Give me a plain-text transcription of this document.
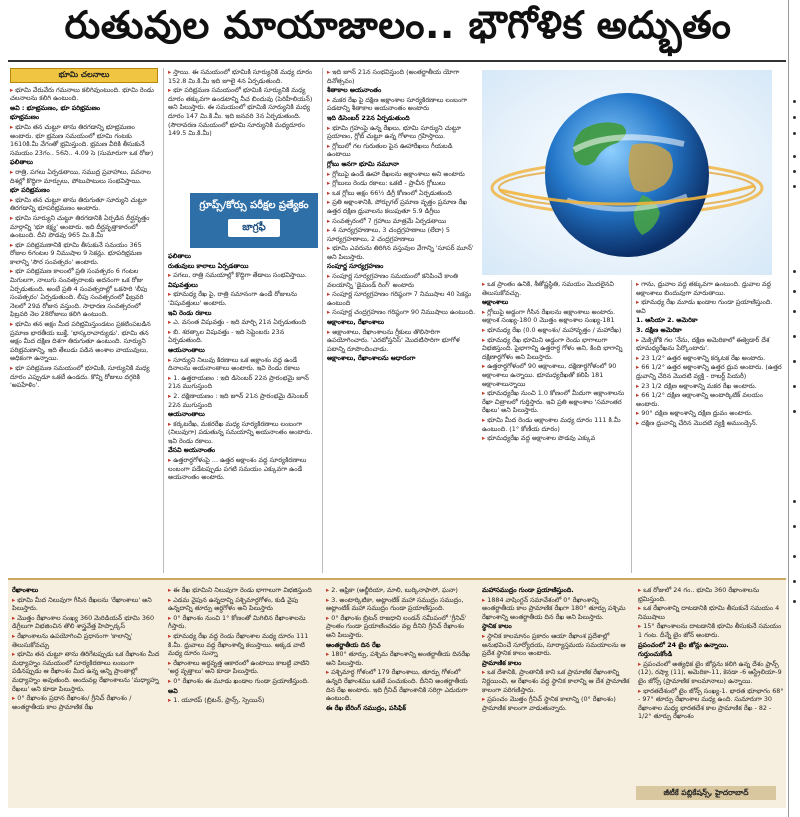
రుతువుల మాయాజాలం.. భౌగోళిక అద్భుతం
భూమి చలనాలు

▸ భూమి వేరువేరు గమనాలు కలిగివుంటుంది. భూమి రెండు చలనాలను కలిగి ఉంటుంది.

అవి : భూభ్రమణం, భూ పరిభ్రమణం

భూభ్రమణం

▸ భూమి తన చుట్టూ తాను తిరగడాన్ని భూభ్రమణం అంటారు. భూ భ్రమణ సమయంలో భూమి గంటకు 1610కి.మీ వేగంతో భ్రమిస్తుంది. భ్రమణ వీరికి తీసుకునే సమయం 23గం.. 56ని.. 4.09 సె (సుమారుగా ఒక రోజు)

ఫలితాలు

▸ రాత్రి, పగలు ఏర్పడతాయి, సముద్ర ప్రవాహాలు, పవనాల దిశల్లో కొద్దిగా మార్పులు, పోటుపాటులు సంభవిస్తాయి.

భూ పరిభ్రమణం

▸ భూమి తన చుట్టూ తాను తిరుగుతూ సూర్యుని చుట్టూ తిరగడాన్ని భూపరిభ్రమణం అంటారు.

▸ భూమి సూర్యుని చుట్టూ తిరగడానికి ఏర్పడిన దీర్ఘవృత్తం మార్గాన్ని 'భూ కక్ష్య' అంటారు. ఇది దీర్ఘవృత్తాకారంలో ఉంటుంది. దీని పొడవు 965 మి.కి.మీ

▸ భూ పరిభ్రమణానికి భూమి తీసుకునే సమయం 365 రోజుల 6గంటల 9 నిముషాల 9 సెకన్లు. భూపరిభ్రమణ కాలాన్ని 'సౌర సంవత్సరం' అంటారు.

▸ భూ పరిభ్రమణ కాలంలో ప్రతి సంవత్సరం 6 గంటల మిగులగా, నాలుగు సంవత్సరాలకు అదనంగా ఒక రోజు ఏర్పడుతుంది. అంటే ప్రతి 4 సంవత్సరాల్లో ఒకసారి 'లీపు సంవత్సరం' ఏర్పడుతుంది. లీపు సంవత్సరంలో ఫిబ్రవరి నెలలో 29వ రోజున వస్తుంది. సాధారణ సంవత్సరంలో ఫిబ్రవరి నెల 28రోజులు కలిగి ఉంటుంది.

▸ భూమి తన అక్షం మీద పరిభ్రమిస్తుండటం ప్రకటింపబడిన ప్రమాణ భారతీయ బుక్తే, 'భాస్కరాచార్యుడు'. భూమి తన అక్షం మీద దక్షిణ దిశగా తిరుగుతూ ఉంటుంది. సూర్యుని పరిభ్రమణాన్ని, ఇది తేలుడు పడిన అంశాల వాయువులు, అధికంగా ఉన్నాయి.

▸ భూ పరిభ్రమణ సమయంలో భూమికి, సూర్యునికి మధ్య దూరం ఎప్పుడూ ఒకటే ఉండదు. కొన్ని రోజులు దగ్గరికి 'అపహేళిం'.

▸ స్తాయి. ఈ సమయంలో భూమికి సూర్యునికి మధ్య దూరం 152.8 మి.కి.మీ ఇది జూలై 4న ఏర్పడుతుంది.

▸ భూ పరిభ్రమణ సమయంలో భూమికి సూర్యునికి మధ్య దూరం తక్కువగా ఉండటాన్ని నీచ బిందువు (పెరిహీలియన్) అని పిలుస్తారు. ఈ సమయంలో భూమికి సూర్యునికి మధ్య దూరం 147 మి.కి.మీ. ఇది జనవరి 3న ఏర్పడుతుంది. (సౌరావరణ సమయంలో భూమి సూర్యునికి మధ్యదూరం 149.5 మి.కి.మీ)

గ్రూప్స్/కోర్సు పరీక్షల ప్రత్యేకం
జాగ్రఫీ

ఫలితాలు

రుతువులు కాలాలు ఏర్పడతాయి

▸ పగలు, రాత్రి సమయాల్లో కొద్దిగా తేడాలు సంభవిస్తాయి.

విషువత్తులు

▸ భూమధ్య రేఖ పై, రాత్రి సమానంగా ఉండే రోజులను 'విషువత్తులు' అంటారు.

ఇవి రెండు రకాలు

▸ ఎ. వసంత విషువత్తు - ఇది మార్చి 21న ఏర్పడుతుంది

▸ బి. శరత్కాల విషువత్తు - ఇది సెప్టెంబరు 23న ఏర్పడుతుంది.

అయనాంతాలు

▸ సూర్యుని నిలువు కిరణాలు ఒక అక్షాంశం వద్ద ఉండే దినాలను అయనాంతాలు అంటారు. ఇవి రెండు రకాలు

▸ 1. ఉత్తరాయణం : ఇది డిసెంబర్ 22న ప్రారంభమై జూన్ 21న ముగుస్తుంది

▸ 2. దక్షిణాయణం : ఇది జూన్ 21న ప్రారంభమై డిసెంబర్ 22న ముగుస్తుంది

అయనాంతాలు

▸ కర్కటరేఖ, మకరరేఖ మధ్య సూర్యకిరణాలు లంబంగా (నిలువుగా) పడుతున్న సమయాన్ని అయనాంతం అంటారు. ఇవి రెండు రకాలు.

వేసవి అయనాంతం

▸ ఉత్తరార్ధగోళంపై ... ఉత్తర అక్షాంశం వద్ద సూర్యకిరణాలు లంబంగా పడేటప్పుడు పగటి సమయం ఎక్కువగా ఉండే అయనాంతం అంటారు.

▸ ఇది జూన్ 21న సంభవిస్తుంది (అంతర్జాతీయ యోగా దినోత్సవం)

శీతాకాల అయనాంతం

▸ మకర రేఖ పై దక్షిణ అక్షాంశాల సూర్యకిరణాలు లంబంగా పడటాన్ని శీతాకాల అయనాంతం అంటారు

ఇది డిసెంబర్ 22న ఏర్పడుతుంది

▸ భూమి గ్రహంపై ఉన్న రేఖలు, భూమి సూర్యుని చుట్టూ ప్రయాణం, గ్లోబ్ చుట్టూ ఉన్న గోళాలు గ్రహిస్తాయి.

▸ గ్లోబులో గల గురుతుల పైన ఊహారేఖలు గీయబడి ఉంటాయి

గ్లోబు అనగా భూమి నమూనా

▸ గ్లోబుపై ఉండే ఊహా రేఖలను అక్షాంశాలు అని అంటారు

▸ గ్లోబులు రెండు రకాలు: ఒకటి - ప్రాచీన గ్లోబులు

▸ ఒక గ్లోబు అక్షం 66½ డిగ్రీ కోణంలో ఏర్పడుతుంది

▸ ప్రతి అక్షాంశానికి, పోర్చుగల్ ప్రమాణ వృత్తం ప్రమాణ రేఖ ఉత్తర దక్షిణ ధ్రువాలను కలుపుతూ 5.9 డిగ్రీలు

▸ సంవత్సరంలో 7 గ్రహాలు మాత్రమే ఏర్పడతాయి

▸ 4 సూర్యగ్రహణాలు, 3 చంద్రగ్రహణాలు (లేదా) 5 సూర్యగ్రహణాలు, 2 చంద్రగ్రహణాలు

▸ భూమి ఎవరును తిరిగిన వస్తువుల వేగాన్ని 'సూపర్ మూన్' అని పిలుస్తారు.

సంపూర్ణ సూర్యగ్రహణం

▸ సంపూర్ణ సూర్యగ్రహణం సమయంలో కనిపించే కాంతి వలయాన్ని 'డైమండ్ రింగ్' అంటారు

▸ సంపూర్ణ సూర్యగ్రహణం గరిష్ఠంగా 7 నిముషాల 40 సెకన్లు ఉంటుంది

▸ సంపూర్ణ చంద్రగ్రహణం గరిష్ఠంగా 90 నిముషాలు ఉంటుంది.

అక్షాంశాలు, రేఖాంశాలు

▸ అక్షాంశాలు, రేఖాంశాలను గ్రీకులు తొలిసారిగా ఉపయోగించారు. 'ఎరటోస్తనిస్' మొదటిసారిగా భూగోళ పటాన్ని రూపొందించాడు.

అక్షాంశాలు, రేఖాంశాలను ఆధారంగా

▸ ఒక ప్రాంతం ఉనికి, శీతోష్ణస్థితి, సమయం మొదలైనవి తెలుసుకోవచ్చు.

అక్షాంశాలు

▸ గ్లోబుపై అడ్డంగా గీసిన రేఖలను అక్షాంశాలు అంటారు. అక్షాంశ సంఖ్య-180 0 మొత్తం అక్షాంశాల సంఖ్య-181

▸ భూమధ్య రేఖ (0.0 అక్షాంశం/ మహావృత్తం / మహారేఖ)

▸ భూమధ్య రేఖ భూమిని అడ్డంగా రెండు భాగాలుగా విభజిస్తుంది. పైభాగాన్ని ఉత్తరార్ధ గోళం అని, కింది భాగాన్ని దక్షిణార్ధగోళం అని పిలుస్తారు.

▸ ఉత్తరార్ధగోళంలో 90 అక్షాంశాలు, దక్షిణార్ధగోళంలో 90 అక్షాంశాలు ఉన్నాయి. భూమధ్యరేఖతో కలిపి 181 అక్షాంశాలున్నాయి

▸ భూమధ్యరేఖ నుంచి 1.0 కోణంలో మీదుగా అక్షాంశాలను రేఖా చిత్రాలలో గుర్తిస్తారు. ఇవి ప్రతి అక్షాంశాల 'సమాంతర రేఖలు' అని పిలుస్తారు.

▸ భూమి మీద రెండు అక్షాంశాల మధ్య దూరం 111 కి.మీ ఉంటుంది. (1° కోణీయ దూరం)

▸ భూమధ్యరేఖ వద్ద అక్షాంశాల పొడవు ఎక్కువ

▸ గాను, ధ్రువాల వద్ద తక్కువగా ఉంటుంది. ధ్రువాల వద్ద అక్షాంశాలు బిందువుగా మారుతాయి.

▸ భూమధ్య రేఖ మూడు ఖండాల గుండా ప్రయాణిస్తుంది. అవి

1. ఆసియా 2. అమెరికా

3. దక్షిణ అమెరికా

▸ మెక్సికోకి గల 'నేను, దక్షిణ అమెరికాలో ఈక్వెడార్ దేశ భూమధ్యరేఖను పేర్కొంటారు'.

▸ 23 1/2° ఉత్తర అక్షాంశాన్ని కర్కటక రేఖ అంటారు.

▸ 66 1/2° ఉత్తర అక్షాంశాన్ని ఉత్తర ధ్రువ అంటారు. (ఉత్తర ధ్రువాన్ని చేరిన మొదటి వ్యక్తి - రాబర్ట్ పియరీ)

▸ 23 1/2 దక్షిణ అక్షాంశాన్ని మకర రేఖ అంటారు.

▸ 66 1/2° దక్షిణ అక్షాంశాన్ని అంటార్కిటిక్ వలయం అంటారు.

▸ 90° దక్షిణ అక్షాంశాన్ని దక్షిణ ధ్రువం అంటారు.

▸ దక్షిణ ధ్రువాన్ని చేరిన మొదటి వ్యక్తి అముండ్సెన్.

రేఖాంశాలు

▸ భూమి మీద నిలువుగా గీసిన రేఖలను 'రేఖాంశాలు' అని పిలుస్తారు.

▸ మొత్తం రేఖాంశాల సంఖ్య 360 మెరిడియన్ భూమి 360 డిగ్రీలుగా విభజించిన తొలి శాస్త్రవేత్త హిప్పార్కస్

▸ రేఖాంశాలను ఉపయోగించి ప్రధానంగా 'కాలాన్ని' తెలుసుకోవచ్చు

▸ భూమి తన చుట్టూ తాను తిరిగేటప్పుడు ఒక రేఖాంశం మీద మధ్యాహ్నం సమయంలో సూర్యకిరణాలు లంబంగా పడినప్పుడు ఆ రేఖాంశం మీద ఉన్న అన్ని ప్రాంతాల్లో మధ్యాహ్నం అవుతుంది. అందువల్ల రేఖాంశాలను 'మధ్యాహ్న రేఖలు' అని కూడా పిలుస్తారు.

▸ 0° రేఖాంశం ప్రధాన రేఖాంశం/ గ్రీనిచ్ రేఖాంశం / అంతర్జాతీయ కాల ప్రామాణిక రేఖ

▸ ఈ రేఖ భూమిని నిలువుగా రెండు భాగాలుగా విభజిస్తుంది

▸ ఎడమ వైపున ఉన్నదాన్ని పశ్చిమార్ధగోళం, కుడి వైపు ఉన్నదాన్ని తూర్పు అర్ధగోళం అని పిలుస్తారు

▸ 0° రేఖాంశం నుంచి 1° కోణంతో మిగిలిన రేఖాంశాలను గీస్తారు.

▸ భూమధ్య రేఖ వద్ద రెండు రేఖాంశాల మధ్య దూరం 111 కి.మీ. ధ్రువాలు వద్ద రేఖాంశాల్ని కలుస్తాయి. అక్కడ వాటి మధ్య దూరం సున్నా

▸ రేఖాంశాలు అర్ధవృత్త ఆకారంలో ఉంటాయి కాబట్టి వాటిని 'అర్ధ వృత్తాలు' అని కూడా పిలుస్తారు.

▸ 0° రేఖాంశం ఈ మూడు ఖండాల గుండా ప్రయాణిస్తుంది.

అవి

▸ 1. యూరప్ (బ్రిటన్, ఫ్రాన్స్, స్పెయిన్)

▸ 2. ఆఫ్రికా (అల్జీరియా, మాలి, బుర్కినాఫాసో, ఘనా)

▸ 3. అంటార్కిటికా, అట్లాంటిక్ మహా సముద్రం సముద్రం, అట్లాంటిక్ మహా సముద్రం గుండా ప్రయాణిస్తుంది.

▸ 0° రేఖాంశం బ్రిటన్ రాజధాని లండన్ సమీపంలో 'గ్రీనిచ్' ప్రాంతం గుండా ప్రయాణించడం వల్ల దీనిని గ్రీనిచ్ రేఖాంశం అని పిలుస్తారు.

అంతర్జాతీయ దిన రేఖ

▸ 180° తూర్పు, పశ్చిమ రేఖాంశాన్ని అంతర్జాతీయ దినరేఖ అని పిలుస్తారు.

▸ పశ్చిమార్ధ గోళంలో 179 రేఖాంశాలు, తూర్పు గోళంలో ఉన్నది రేఖాంశము ఒకటే పంచుకుంది. దీనిని అంతర్జాతీయ దిన రేఖ అంటారు. ఇది గ్రీనిచ్ రేఖాంశానికి సరిగ్గా ఎదురుగా ఉంటుంది.

ఈ రేఖ బేరింగ్ సముద్రం, పసిఫిక్

మహాసముద్రం గుండా ప్రయాణిస్తుంది.

▸ 1884 వాషింగ్టన్ సమావేశంలో 0° రేఖాంశాన్ని అంతర్జాతీయ కాల ప్రామాణిక రేఖగా 180° తూర్పు పశ్చిమ రేఖాంశాన్ని అంతర్జాతీయ దిన రేఖ అని పిలుస్తారు.

స్థానిక కాలం

▸ స్థానిక కాలమానం ప్రకారం ఆయా రేఖాంశ ప్రదేశాల్లో అనుభవించే సూర్యోదయ, సూర్యాస్తమయ సమయాలను ఆ ప్రదేశ స్థానిక కాలం అంటారు.

ప్రామాణిక కాలం

▸ ఒక దేశానికి, ప్రాంతానికి కాని ఒక ప్రామాణిక రేఖాంశాన్ని నిర్ణయించి, ఆ రేఖాంశం వద్ద స్థానిక కాలాన్ని ఆ దేశ ప్రామాణిక కాలంగా పరిగణిస్తారు.

▸ ప్రపంచం మొత్తం గ్రీనిచ్ స్థానిక కాలాన్ని (0° రేఖాంశం) ప్రామాణిక కాలంగా వాడుతున్నారు.

▸ ఒక రోజులో 24 గం.. భూమి 360 రేఖాంశాలను భ్రమిస్తుంది.

▸ ఒక రేఖాంశాన్ని దాటడానికి భూమి తీసుకునే సమయం 4 నిముషాలు

▸ 15° రేఖాంశాలను దాటడానికి భూమి తీసుకునే సమయం 1 గంట. దీన్నే టైం జోన్ అంటారు.

ప్రపంచంలో 24 టైం జోన్లు ఉన్నాయి.

గుర్తుంచుకోండి

▸ ప్రపంచంలో అత్యధిక టైం జోన్లను కలిగి ఉన్న దేశం ఫ్రాన్స్ (12), రష్యా (11), అమెరికా-11, కెనడా -6 ఆస్ట్రేలియా-9 టైం జోన్స్ (ప్రామాణిక కాలమానాలు) ఉన్నాయి.

▸ భారతదేశంలో టైం జోన్స్ సంఖ్య-1. భారత భూభాగం 68° - 97° తూర్పు రేఖాంశాల మధ్య ఉంది. సుమారుగా 30 రేఖాంశాల మధ్య భారతదేశ కాల ప్రామాణిక రేఖ - 82 - 1/2° తూర్పు రేఖాంశం

జీటీకే పబ్లికేషన్స్, హైదరాబాద్
